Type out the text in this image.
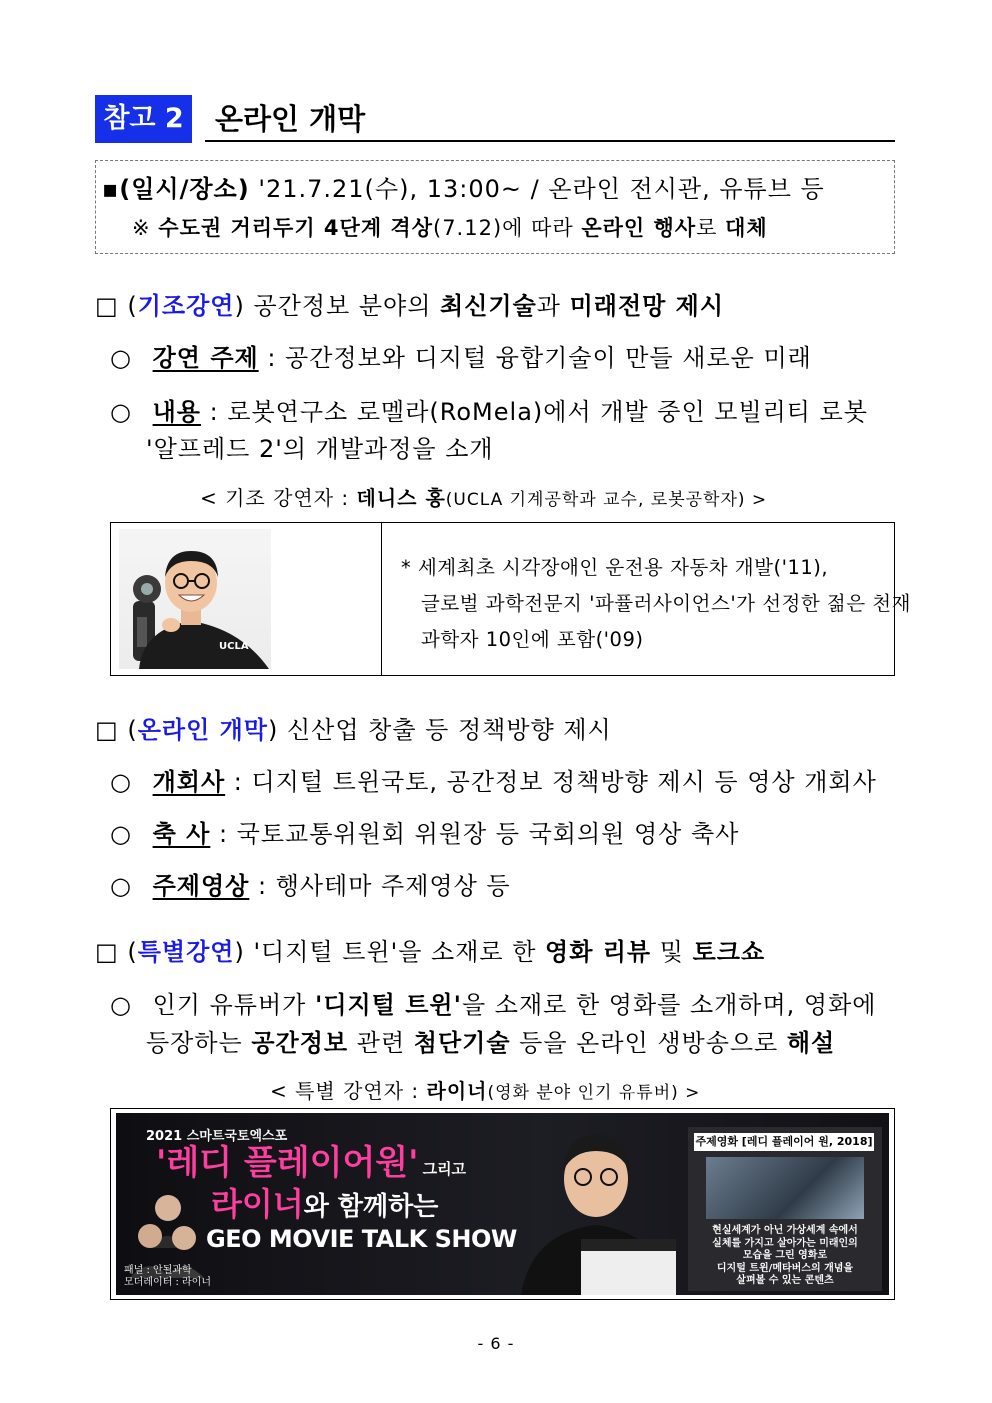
참고 2 온라인 개막
▪(일시/장소) '21.7.21(수), 13:00~ / 온라인 전시관, 유튜브 등
※ 수도권 거리두기 4단계 격상(7.12)에 따라 온라인 행사로 대체
□ (기조강연) 공간정보 분야의 최신기술과 미래전망 제시
○ 강연 주제 : 공간정보와 디지털 융합기술이 만들 새로운 미래
○ 내용 : 로봇연구소 로멜라(RoMela)에서 개발 중인 모빌리티 로봇
'알프레드 2'의 개발과정을 소개
< 기조 강연자 : 데니스 홍(UCLA 기계공학과 교수, 로봇공학자) >
UCLA
* 세계최초 시각장애인 운전용 자동차 개발('11),
글로벌 과학전문지 '파퓰러사이언스'가 선정한 젊은 천재
과학자 10인에 포함('09)
□ (온라인 개막) 신산업 창출 등 정책방향 제시
○ 개회사 : 디지털 트윈국토, 공간정보 정책방향 제시 등 영상 개회사
○ 축 사 : 국토교통위원회 위원장 등 국회의원 영상 축사
○ 주제영상 : 행사테마 주제영상 등
□ (특별강연) '디지털 트윈'을 소재로 한 영화 리뷰 및 토크쇼
○ 인기 유튜버가 '디지털 트윈'을 소재로 한 영화를 소개하며, 영화에
등장하는 공간정보 관련 첨단기술 등을 온라인 생방송으로 해설
< 특별 강연자 : 라이너(영화 분야 인기 유튜버) >
2021 스마트국토엑스포
'레디 플레이어원' 그리고
라이너와 함께하는
GEO MOVIE TALK SHOW
패널 : 안될과학
모더레이터 : 라이너
주제영화 [레디 플레이어 원, 2018]
현실세계가 아닌 가상세계 속에서
실체를 가지고 살아가는 미래인의
모습을 그린 영화로
디지털 트윈/메타버스의 개념을
살펴볼 수 있는 콘텐츠
- 6 -
